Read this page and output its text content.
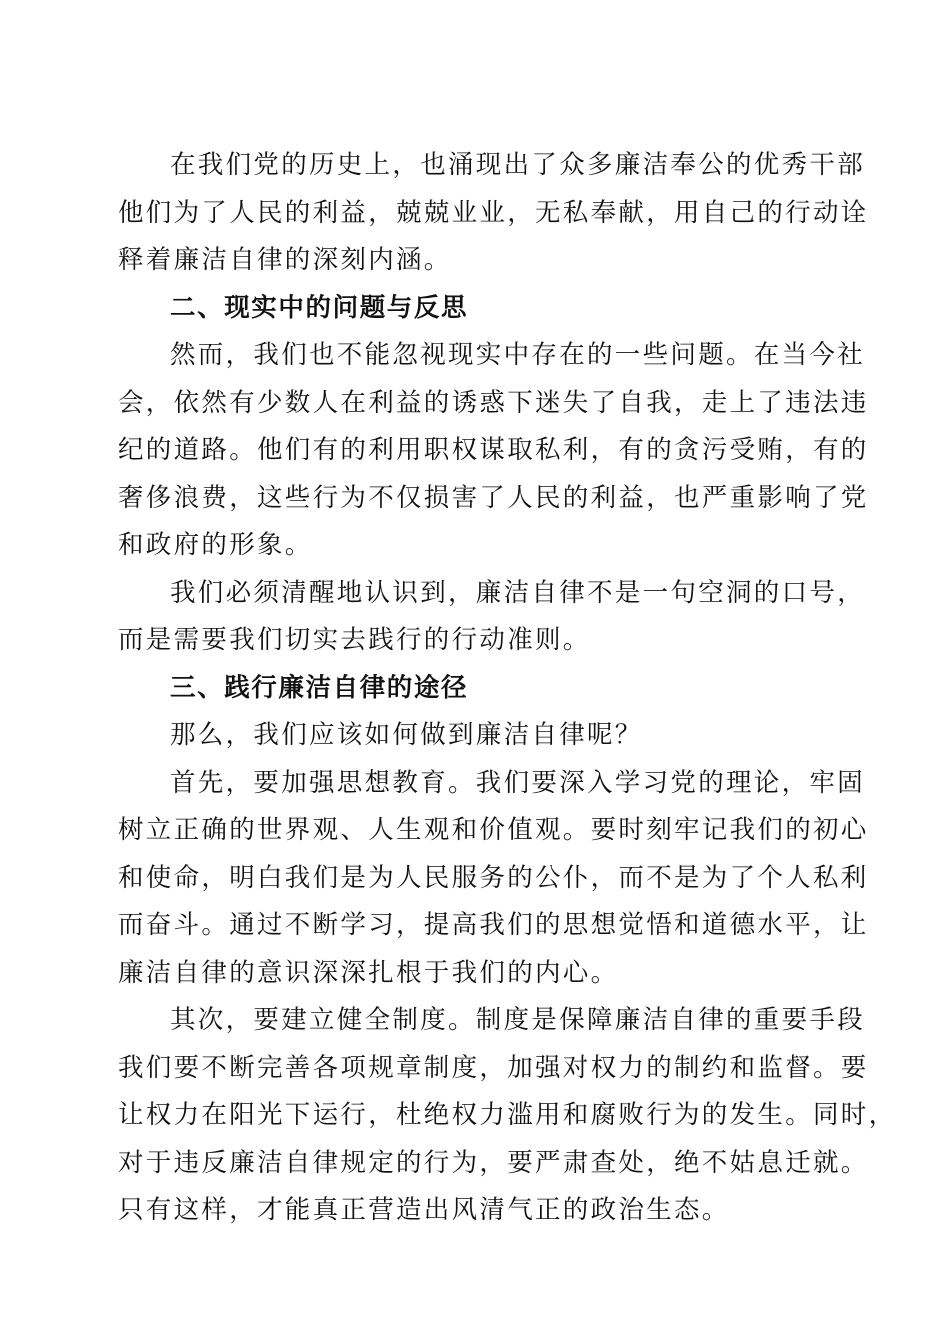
在我们党的历史上，也涌现出了众多廉洁奉公的优秀干部
他们为了人民的利益，兢兢业业，无私奉献，用自己的行动诠
释着廉洁自律的深刻内涵。
二、现实中的问题与反思
然而，我们也不能忽视现实中存在的一些问题。在当今社
会，依然有少数人在利益的诱惑下迷失了自我，走上了违法违
纪的道路。他们有的利用职权谋取私利，有的贪污受贿，有的
奢侈浪费，这些行为不仅损害了人民的利益，也严重影响了党
和政府的形象。
我们必须清醒地认识到，廉洁自律不是一句空洞的口号，
而是需要我们切实去践行的行动准则。
三、践行廉洁自律的途径
那么，我们应该如何做到廉洁自律呢？
首先，要加强思想教育。我们要深入学习党的理论，牢固
树立正确的世界观、人生观和价值观。要时刻牢记我们的初心
和使命，明白我们是为人民服务的公仆，而不是为了个人私利
而奋斗。通过不断学习，提高我们的思想觉悟和道德水平，让
廉洁自律的意识深深扎根于我们的内心。
其次，要建立健全制度。制度是保障廉洁自律的重要手段
我们要不断完善各项规章制度，加强对权力的制约和监督。要
让权力在阳光下运行，杜绝权力滥用和腐败行为的发生。同时，
对于违反廉洁自律规定的行为，要严肃查处，绝不姑息迁就。
只有这样，才能真正营造出风清气正的政治生态。
